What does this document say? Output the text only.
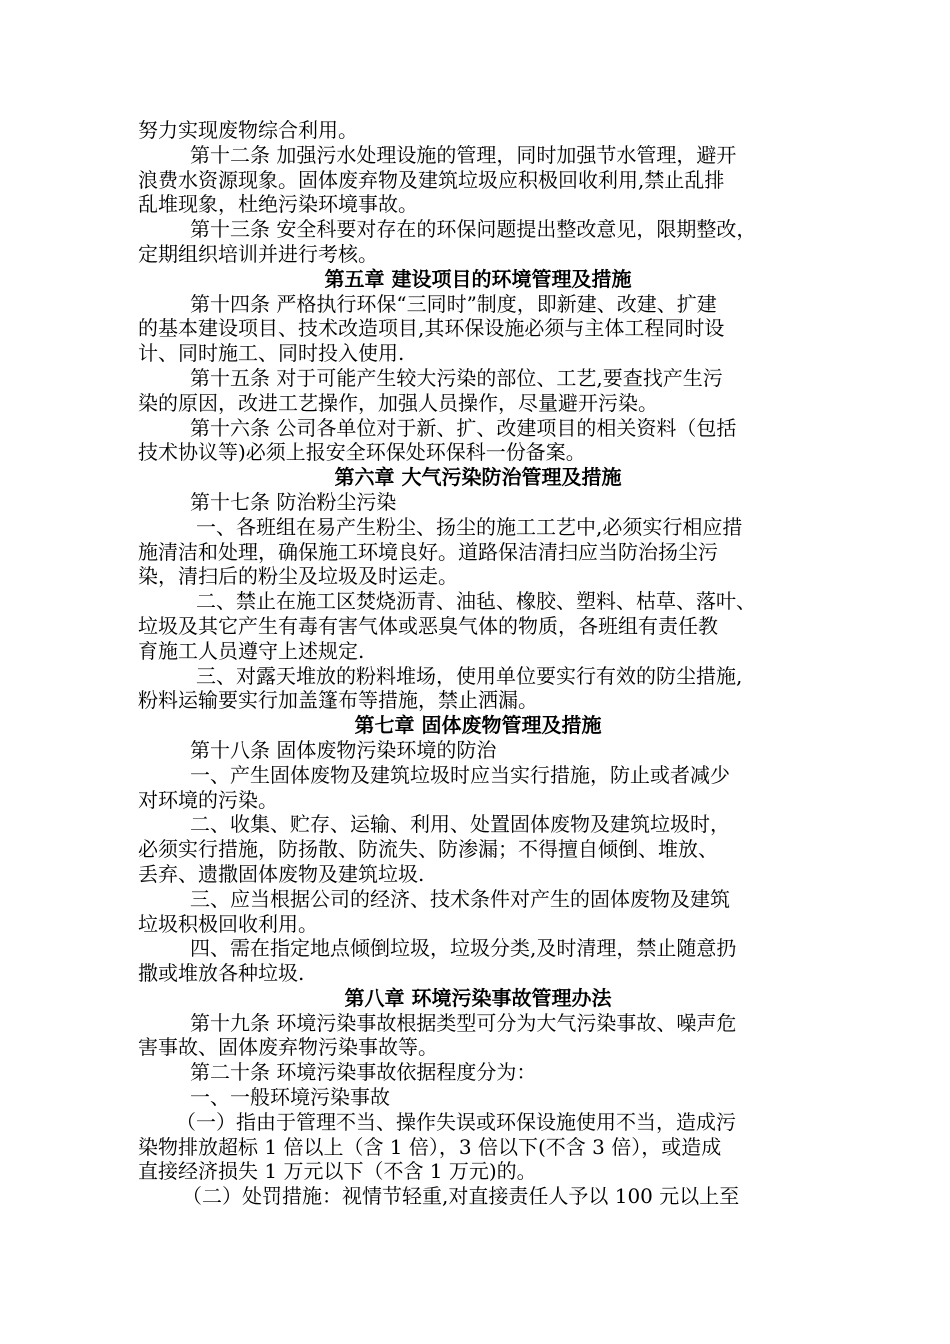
努力实现废物综合利用。

第十二条 加强污水处理设施的管理，同时加强节水管理，避开

浪费水资源现象。固体废弃物及建筑垃圾应积极回收利用,禁止乱排

乱堆现象，杜绝污染环境事故。

第十三条 安全科要对存在的环保问题提出整改意见，限期整改，

定期组织培训并进行考核。

第五章 建设项目的环境管理及措施

第十四条 严格执行环保“三同时”制度，即新建、改建、扩建

的基本建设项目、技术改造项目,其环保设施必须与主体工程同时设

计、同时施工、同时投入使用.

第十五条 对于可能产生较大污染的部位、工艺,要查找产生污

染的原因，改进工艺操作，加强人员操作，尽量避开污染。

第十六条 公司各单位对于新、扩、改建项目的相关资料（包括

技术协议等)必须上报安全环保处环保科一份备案。

第六章 大气污染防治管理及措施

第十七条 防治粉尘污染

一、各班组在易产生粉尘、扬尘的施工工艺中,必须实行相应措

施清洁和处理，确保施工环境良好。道路保洁清扫应当防治扬尘污

染，清扫后的粉尘及垃圾及时运走。

二、禁止在施工区焚烧沥青、油毡、橡胶、塑料、枯草、落叶、

垃圾及其它产生有毒有害气体或恶臭气体的物质，各班组有责任教

育施工人员遵守上述规定.

三、对露天堆放的粉料堆场，使用单位要实行有效的防尘措施,

粉料运输要实行加盖篷布等措施，禁止洒漏。

第七章 固体废物管理及措施

第十八条 固体废物污染环境的防治

一、产生固体废物及建筑垃圾时应当实行措施，防止或者减少

对环境的污染。

二、收集、贮存、运输、利用、处置固体废物及建筑垃圾时，

必须实行措施，防扬散、防流失、防渗漏；不得擅自倾倒、堆放、

丢弃、遗撒固体废物及建筑垃圾.

三、应当根据公司的经济、技术条件对产生的固体废物及建筑

垃圾积极回收利用。

四、需在指定地点倾倒垃圾，垃圾分类,及时清理，禁止随意扔

撒或堆放各种垃圾.

第八章 环境污染事故管理办法

第十九条 环境污染事故根据类型可分为大气污染事故、噪声危

害事故、固体废弃物污染事故等。

第二十条 环境污染事故依据程度分为：

一、一般环境污染事故

（一）指由于管理不当、操作失误或环保设施使用不当，造成污

染物排放超标 1 倍以上（含 1 倍），3 倍以下(不含 3 倍），或造成

直接经济损失 1 万元以下（不含 1 万元)的。

（二）处罚措施：视情节轻重,对直接责任人予以 100 元以上至
